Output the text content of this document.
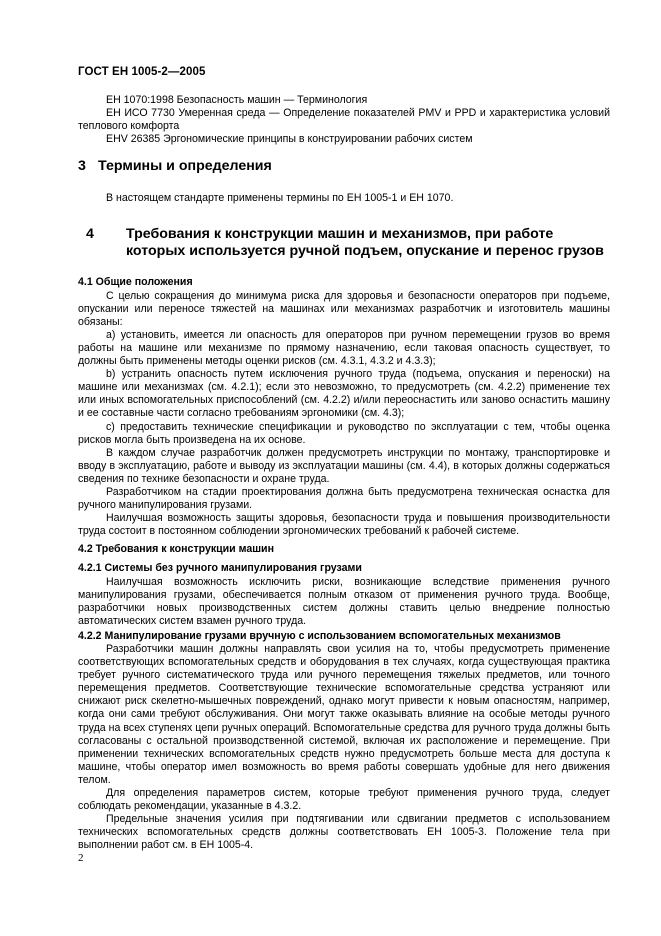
ГОСТ ЕН 1005-2—2005

ЕН 1070:1998 Безопасность машин — Терминология

ЕН ИСО 7730 Умеренная среда — Определение показателей PMV и PPD и характеристика условий теплового комфорта

ЕНV 26385 Эргономические принципы в конструировании рабочих систем

3 Термины и определения

В настоящем стандарте применены термины по ЕН 1005-1 и ЕН 1070.

4 Требования к конструкции машин и механизмов, при работе которых используется ручной подъем, опускание и перенос грузов

4.1 Общие положения

С целью сокращения до минимума риска для здоровья и безопасности операторов при подъеме, опускании или переносе тяжестей на машинах или механизмах разработчик и изготовитель машины обязаны:

a) установить, имеется ли опасность для операторов при ручном перемещении грузов во время работы на машине или механизме по прямому назначению, если таковая опасность существует, то должны быть применены методы оценки рисков (см. 4.3.1, 4.3.2 и 4.3.3);

b) устранить опасность путем исключения ручного труда (подъема, опускания и переноски) на машине или механизмах (см. 4.2.1); если это невозможно, то предусмотреть (см. 4.2.2) применение тех или иных вспомогательных приспособлений (см. 4.2.2) и/или переоснастить или заново оснастить машину и ее составные части согласно требованиям эргономики (см. 4.3);

c) предоставить технические спецификации и руководство по эксплуатации с тем, чтобы оценка рисков могла быть произведена на их основе.

В каждом случае разработчик должен предусмотреть инструкции по монтажу, транспортировке и вводу в эксплуатацию, работе и выводу из эксплуатации машины (см. 4.4), в которых должны содержаться сведения по технике безопасности и охране труда.

Разработчиком на стадии проектирования должна быть предусмотрена техническая оснастка для ручного манипулирования грузами.

Наилучшая возможность защиты здоровья, безопасности труда и повышения производительности труда состоит в постоянном соблюдении эргономических требований к рабочей системе.

4.2 Требования к конструкции машин

4.2.1 Системы без ручного манипулирования грузами

Наилучшая возможность исключить риски, возникающие вследствие применения ручного манипулирования грузами, обеспечивается полным отказом от применения ручного труда. Вообще, разработчики новых производственных систем должны ставить целью внедрение полностью автоматических систем взамен ручного труда.

4.2.2 Манипулирование грузами вручную с использованием вспомогательных механизмов

Разработчики машин должны направлять свои усилия на то, чтобы предусмотреть применение соответствующих вспомогательных средств и оборудования в тех случаях, когда существующая практика требует ручного систематического труда или ручного перемещения тяжелых предметов, или точного перемещения предметов. Соответствующие технические вспомогательные средства устраняют или снижают риск скелетно-мышечных повреждений, однако могут привести к новым опасностям, например, когда они сами требуют обслуживания. Они могут также оказывать влияние на особые методы ручного труда на всех ступенях цепи ручных операций. Вспомогательные средства для ручного труда должны быть согласованы с остальной производственной системой, включая их расположение и перемещение. При применении технических вспомогательных средств нужно предусмотреть больше места для доступа к машине, чтобы оператор имел возможность во время работы совершать удобные для него движения телом.

Для определения параметров систем, которые требуют применения ручного труда, следует соблюдать рекомендации, указанные в 4.3.2.

Предельные значения усилия при подтягивании или сдвигании предметов с использованием технических вспомогательных средств должны соответствовать ЕН 1005-3. Положение тела при выполнении работ см. в ЕН 1005-4.

2
